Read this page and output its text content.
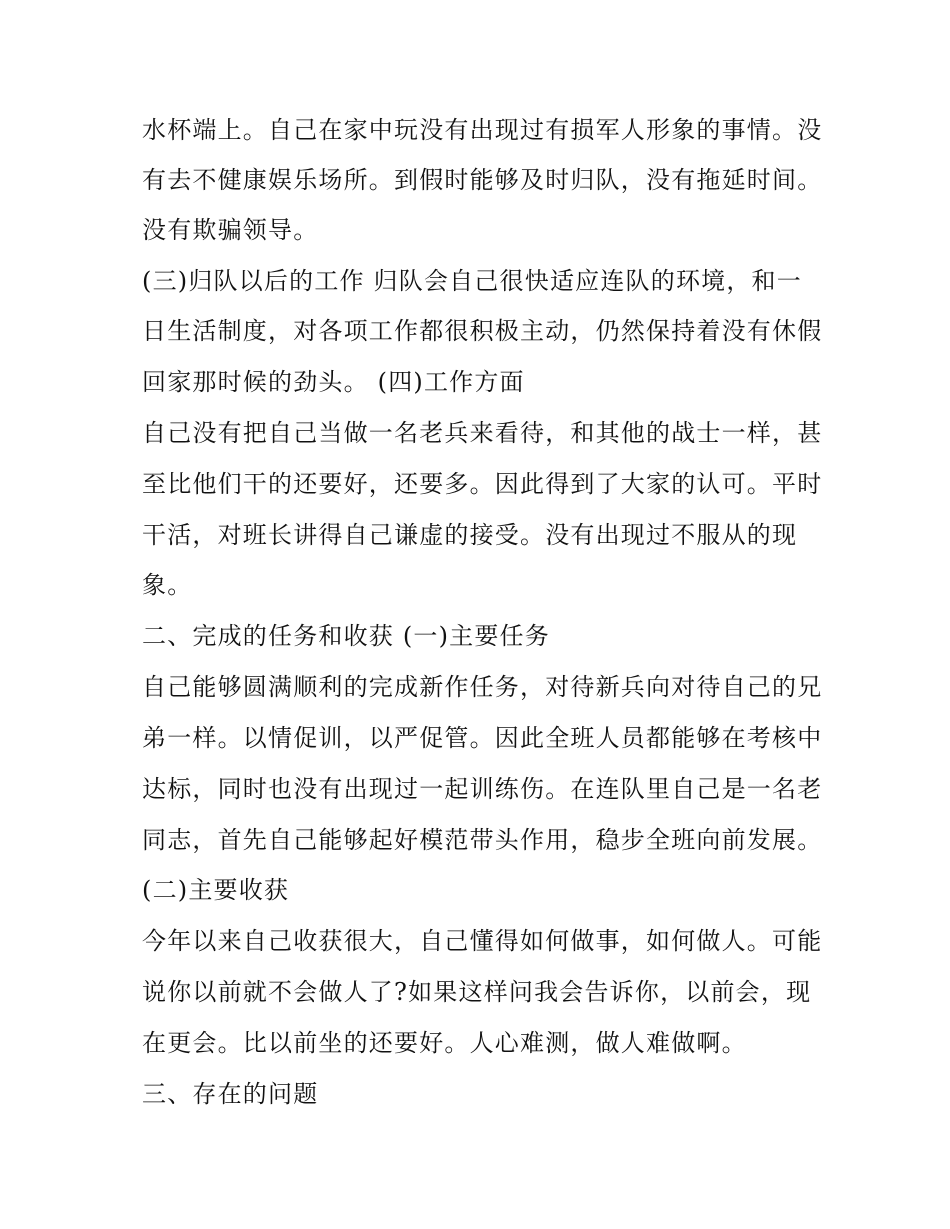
水杯端上。自己在家中玩没有出现过有损军人形象的事情。没
有去不健康娱乐场所。到假时能够及时归队，没有拖延时间。
没有欺骗领导。
(三)归队以后的工作 归队会自己很快适应连队的环境，和一
日生活制度，对各项工作都很积极主动，仍然保持着没有休假
回家那时候的劲头。 (四)工作方面
自己没有把自己当做一名老兵来看待，和其他的战士一样，甚
至比他们干的还要好，还要多。因此得到了大家的认可。平时
干活，对班长讲得自己谦虚的接受。没有出现过不服从的现
象。
二、完成的任务和收获 (一)主要任务
自己能够圆满顺利的完成新作任务，对待新兵向对待自己的兄
弟一样。以情促训，以严促管。因此全班人员都能够在考核中
达标，同时也没有出现过一起训练伤。在连队里自己是一名老
同志，首先自己能够起好模范带头作用，稳步全班向前发展。
(二)主要收获
今年以来自己收获很大，自己懂得如何做事，如何做人。可能
说你以前就不会做人了?如果这样问我会告诉你，以前会，现
在更会。比以前坐的还要好。人心难测，做人难做啊。
三、存在的问题
